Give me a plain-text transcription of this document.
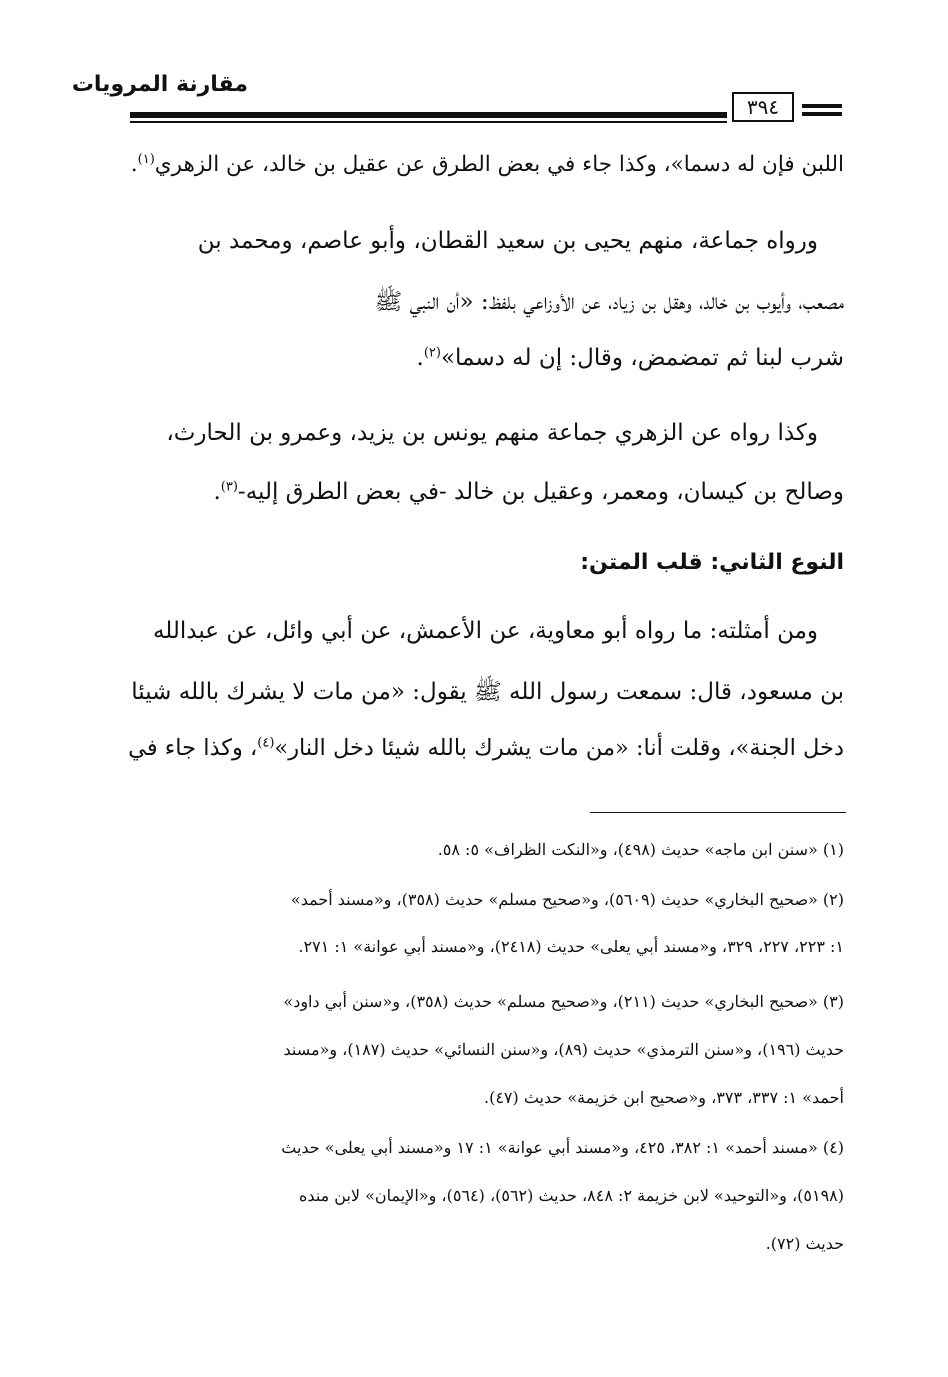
مقارنة المرويات
٣٩٤
اللبن فإن له دسما»، وكذا جاء في بعض الطرق عن عقيل بن خالد، عن الزهري$^{(١)}$.
ورواه جماعة، منهم يحيى بن سعيد القطان، وأبو عاصم، ومحمد بن
مصعب، وأيوب بن خالد، وهقل بن زياد، عن الأوزاعي بلفظ: «أن النبي ﷺ
شرب لبنا ثم تمضمض، وقال: إن له دسما»$^{(٢)}$.
وكذا رواه عن الزهري جماعة منهم يونس بن يزيد، وعمرو بن الحارث،
وصالح بن كيسان، ومعمر، وعقيل بن خالد -في بعض الطرق إليه-$^{(٣)}$.
النوع الثاني: قلب المتن:
ومن أمثلته: ما رواه أبو معاوية، عن الأعمش، عن أبي وائل، عن عبدالله
بن مسعود، قال: سمعت رسول الله ﷺ يقول: «من مات لا يشرك بالله شيئا
دخل الجنة»، وقلت أنا: «من مات يشرك بالله شيئا دخل النار»$^{(٤)}$، وكذا جاء في
(١) «سنن ابن ماجه» حديث (٤٩٨)، و«النكت الظراف» ٥: ٥٨.
(٢) «صحيح البخاري» حديث (٥٦٠٩)، و«صحيح مسلم» حديث (٣٥٨)، و«مسند أحمد»
١: ٢٢٣، ٢٢٧، ٣٢٩، و«مسند أبي يعلى» حديث (٢٤١٨)، و«مسند أبي عوانة» ١: ٢٧١.
(٣) «صحيح البخاري» حديث (٢١١)، و«صحيح مسلم» حديث (٣٥٨)، و«سنن أبي داود»
حديث (١٩٦)، و«سنن الترمذي» حديث (٨٩)، و«سنن النسائي» حديث (١٨٧)، و«مسند
أحمد» ١: ٣٣٧، ٣٧٣، و«صحيح ابن خزيمة» حديث (٤٧).
(٤) «مسند أحمد» ١: ٣٨٢، ٤٢٥، و«مسند أبي عوانة» ١: ١٧ و«مسند أبي يعلى» حديث
(٥١٩٨)، و«التوحيد» لابن خزيمة ٢: ٨٤٨، حديث (٥٦٢)، (٥٦٤)، و«الإيمان» لابن منده
حديث (٧٢).
